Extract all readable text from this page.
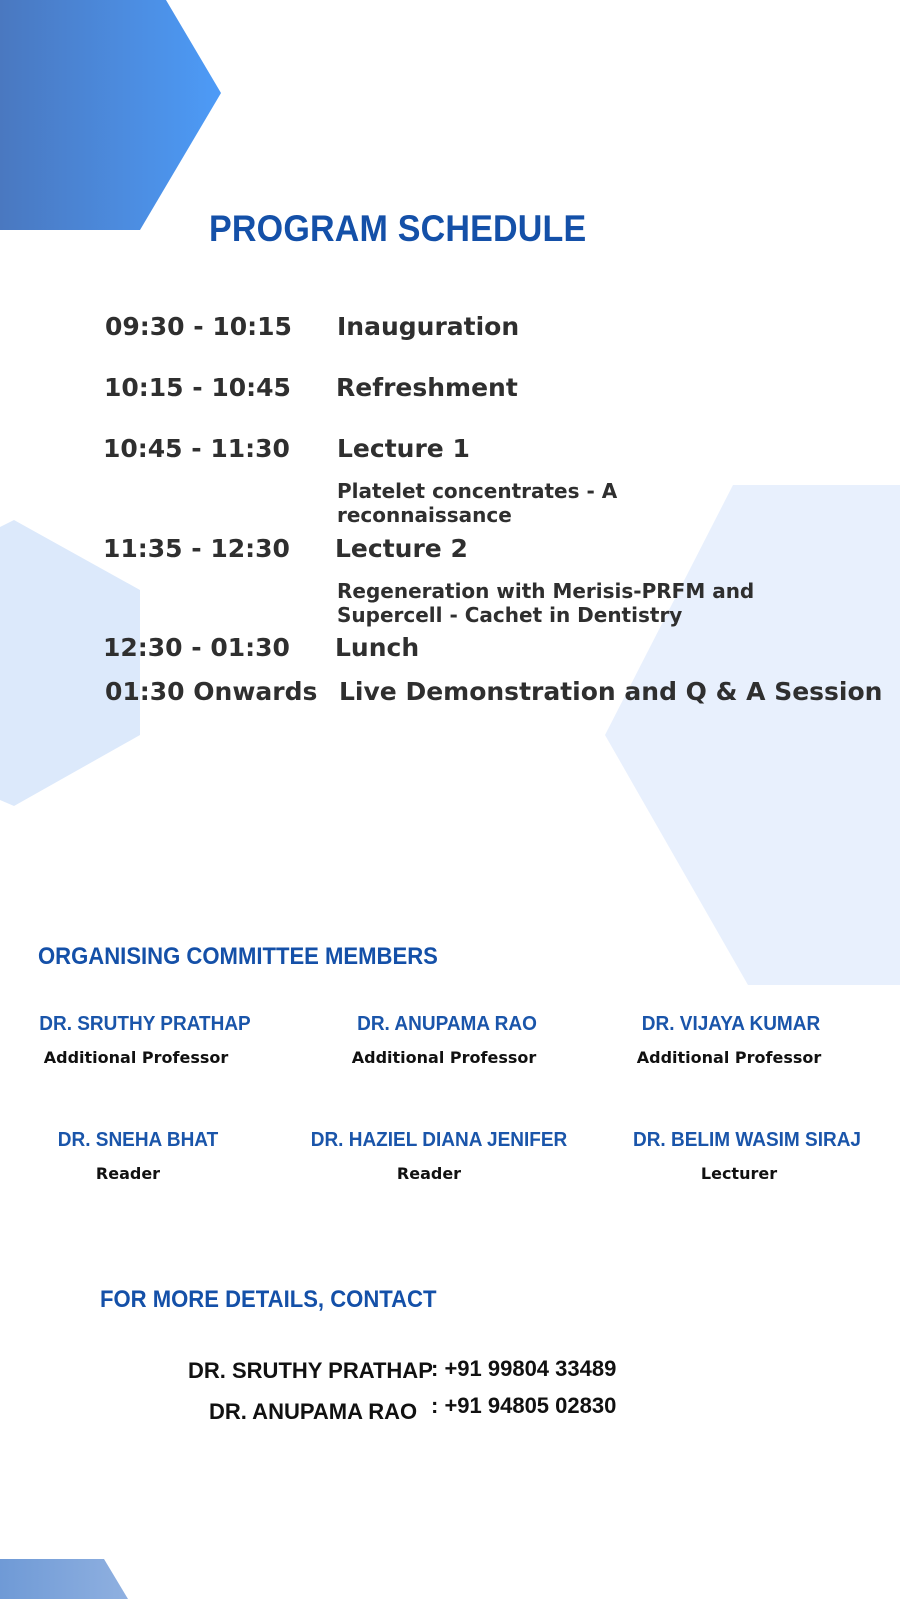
PROGRAM SCHEDULE
09:30 - 10:15 Inauguration
10:15 - 10:45 Refreshment
10:45 - 11:30 Lecture 1
Platelet concentrates - A reconnaissance
11:35 - 12:30 Lecture 2
Regeneration with Merisis-PRFM and Supercell - Cachet in Dentistry
12:30 - 01:30 Lunch
01:30 Onwards Live Demonstration and Q & A Session
ORGANISING COMMITTEE MEMBERS
DR. SRUTHY PRATHAP
Additional Professor
DR. ANUPAMA RAO
Additional Professor
DR. VIJAYA KUMAR
Additional Professor
DR. SNEHA BHAT
Reader
DR. HAZIEL DIANA JENIFER
Reader
DR. BELIM WASIM SIRAJ
Lecturer
FOR MORE DETAILS, CONTACT
DR. SRUTHY PRATHAP
: +91 99804 33489
DR. ANUPAMA RAO : +91 94805 02830
